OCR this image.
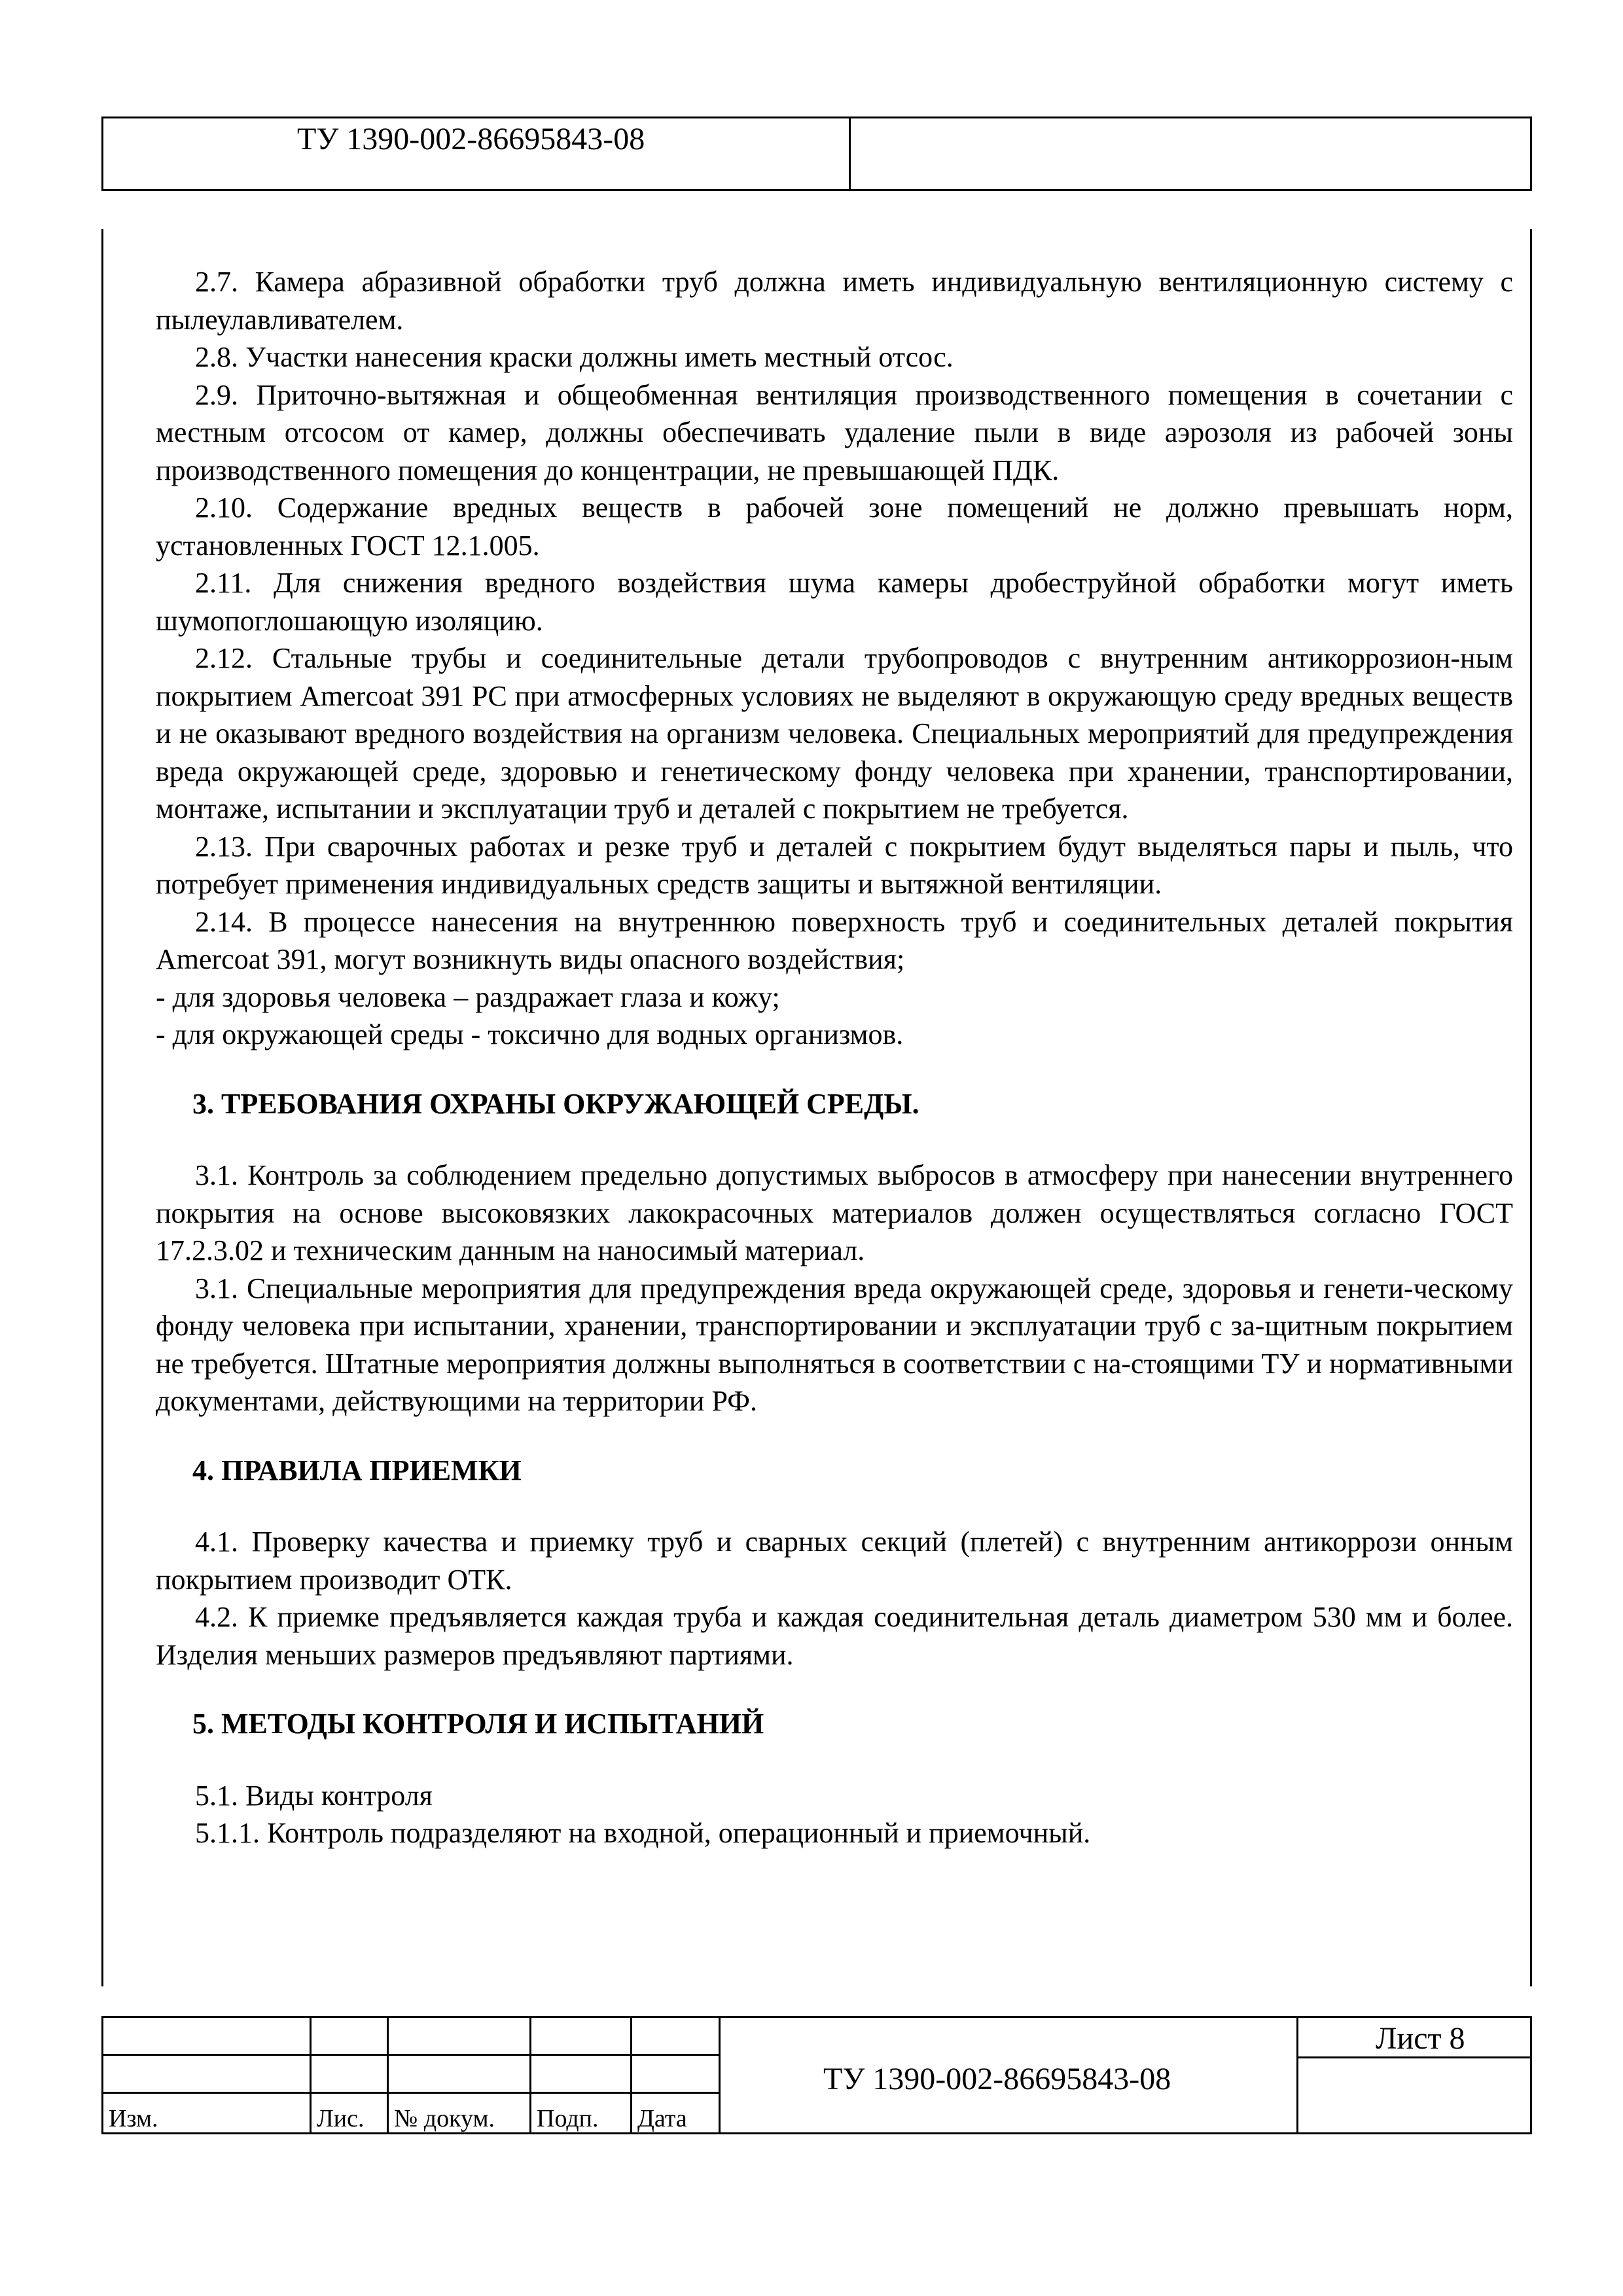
ТУ 1390-002-86695843-08

2.7. Камера абразивной обработки труб должна иметь индивидуальную вентиляционную систему с пылеулавливателем.

2.8. Участки нанесения краски должны иметь местный отсос.

2.9. Приточно-вытяжная и общеобменная вентиляция производственного помещения в сочетании с местным отсосом от камер, должны обеспечивать удаление пыли в виде аэрозоля из рабочей зоны производственного помещения до концентрации, не превышающей ПДК.

2.10. Содержание вредных веществ в рабочей зоне помещений не должно превышать норм, установленных ГОСТ 12.1.005.

2.11. Для снижения вредного воздействия шума камеры дробеструйной обработки могут иметь шумопоглошающую изоляцию.

2.12. Стальные трубы и соединительные детали трубопроводов с внутренним антикоррозион-ным покрытием Amercoat 391 PC при атмосферных условиях не выделяют в окружающую среду вредных веществ и не оказывают вредного воздействия на организм человека. Специальных мероприятий для предупреждения вреда окружающей среде, здоровью и генетическому фонду человека при хранении, транспортировании, монтаже, испытании и эксплуатации труб и деталей с покрытием не требуется.

2.13. При сварочных работах и резке труб и деталей с покрытием будут выделяться пары и пыль, что потребует применения индивидуальных средств защиты и вытяжной вентиляции.

2.14. В процессе нанесения на внутреннюю поверхность труб и соединительных деталей покрытия Amercoat 391, могут возникнуть виды опасного воздействия;

- для здоровья человека – раздражает глаза и кожу;

- для окружающей среды - токсично для водных организмов.

3. ТРЕБОВАНИЯ ОХРАНЫ ОКРУЖАЮЩЕЙ СРЕДЫ.

3.1. Контроль за соблюдением предельно допустимых выбросов в атмосферу при нанесении внутреннего покрытия на основе высоковязких лакокрасочных материалов должен осуществляться согласно ГОСТ 17.2.3.02 и техническим данным на наносимый материал.

3.1. Специальные мероприятия для предупреждения вреда окружающей среде, здоровья и генети-ческому фонду человека при испытании, хранении, транспортировании и эксплуатации труб с за-щитным покрытием не требуется. Штатные мероприятия должны выполняться в соответствии с на-стоящими ТУ и нормативными документами, действующими на территории РФ.

4. ПРАВИЛА ПРИЕМКИ

4.1. Проверку качества и приемку труб и сварных секций (плетей) с внутренним антикоррози онным покрытием производит ОТК.

4.2. К приемке предъявляется каждая труба и каждая соединительная деталь диаметром 530 мм и более. Изделия меньших размеров предъявляют партиями.

5. МЕТОДЫ КОНТРОЛЯ И ИСПЫТАНИЙ

5.1. Виды контроля

5.1.1. Контроль подразделяют на входной, операционный и приемочный.

Изм.	Лис. № докум. Подп. Дата
ТУ 1390-002-86695843-08
Лист 8
